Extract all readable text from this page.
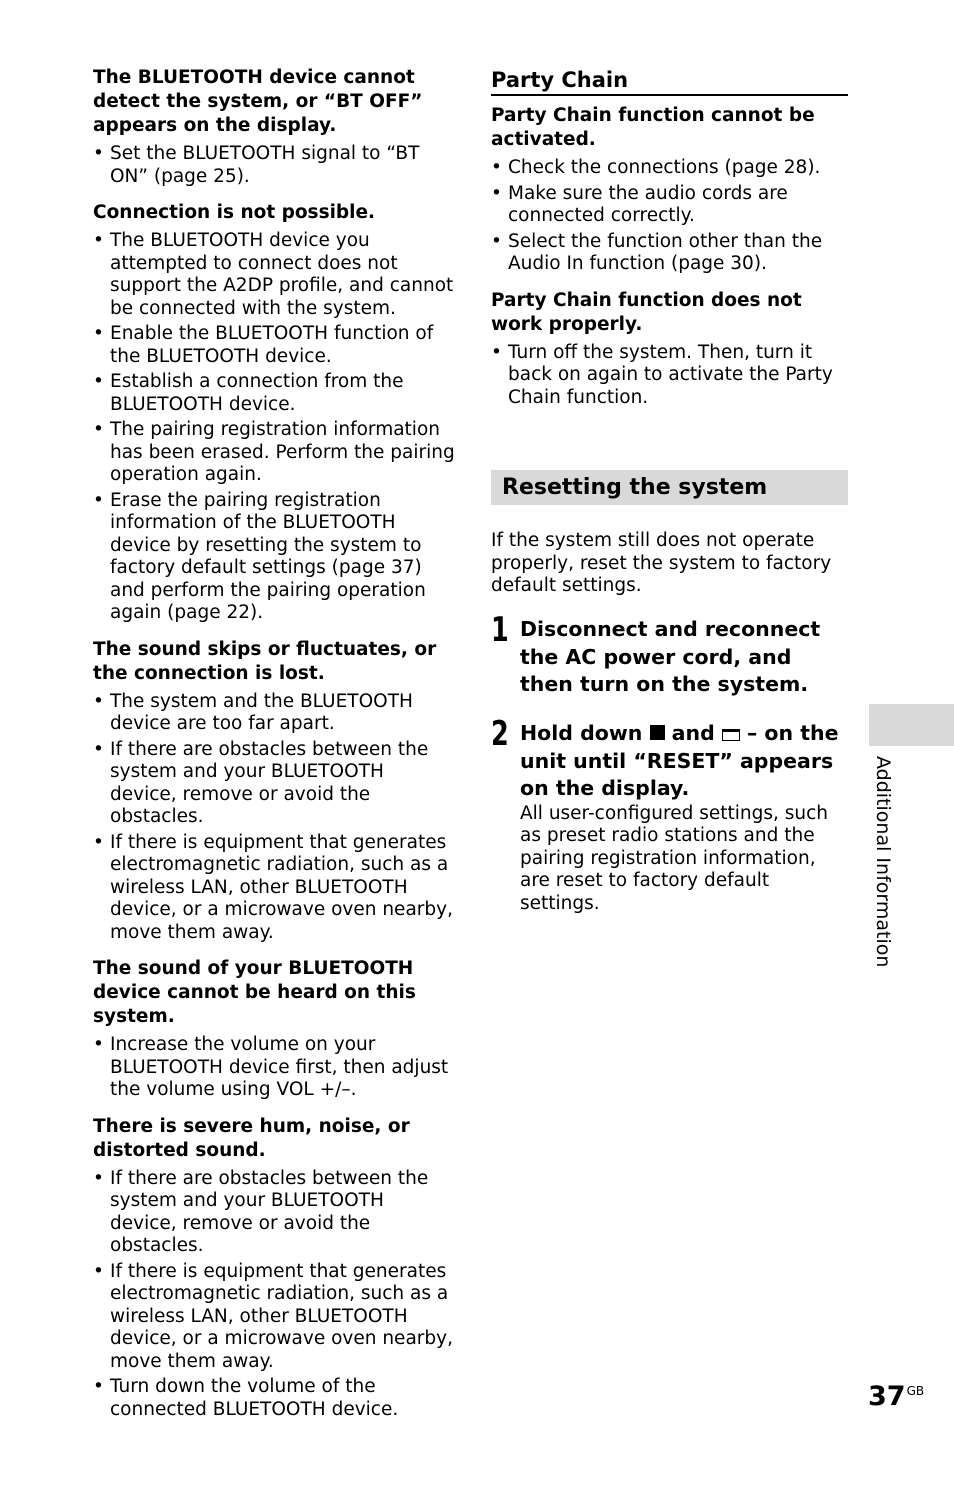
The BLUETOOTH device cannot detect the system, or “BT OFF” appears on the display.

• Set the BLUETOOTH signal to “BT ON” (page 25).

Connection is not possible.

• The BLUETOOTH device you attempted to connect does not support the A2DP profile, and cannot be connected with the system.
• Enable the BLUETOOTH function of the BLUETOOTH device.
• Establish a connection from the BLUETOOTH device.
• The pairing registration information has been erased. Perform the pairing operation again.
• Erase the pairing registration information of the BLUETOOTH device by resetting the system to factory default settings (page 37) and perform the pairing operation again (page 22).

The sound skips or fluctuates, or the connection is lost.

• The system and the BLUETOOTH device are too far apart.
• If there are obstacles between the system and your BLUETOOTH device, remove or avoid the obstacles.
• If there is equipment that generates electromagnetic radiation, such as a wireless LAN, other BLUETOOTH device, or a microwave oven nearby, move them away.

The sound of your BLUETOOTH device cannot be heard on this system.

• Increase the volume on your BLUETOOTH device first, then adjust the volume using VOL +/–.

There is severe hum, noise, or distorted sound.

• If there are obstacles between the system and your BLUETOOTH device, remove or avoid the obstacles.
• If there is equipment that generates electromagnetic radiation, such as a wireless LAN, other BLUETOOTH device, or a microwave oven nearby, move them away.
• Turn down the volume of the connected BLUETOOTH device.
Party Chain

Party Chain function cannot be activated.

• Check the connections (page 28).
• Make sure the audio cords are connected correctly.
• Select the function other than the Audio In function (page 30).

Party Chain function does not work properly.

• Turn off the system. Then, turn it back on again to activate the Party Chain function.
Resetting the system

If the system still does not operate properly, reset the system to factory default settings.

1 Disconnect and reconnect the AC power cord, and then turn on the system.
2 Hold down and – on the unit until “RESET” appears on the display.
All user-configured settings, such as preset radio stations and the pairing registration information, are reset to factory default settings.	Additional Information
$37^{GB}$
